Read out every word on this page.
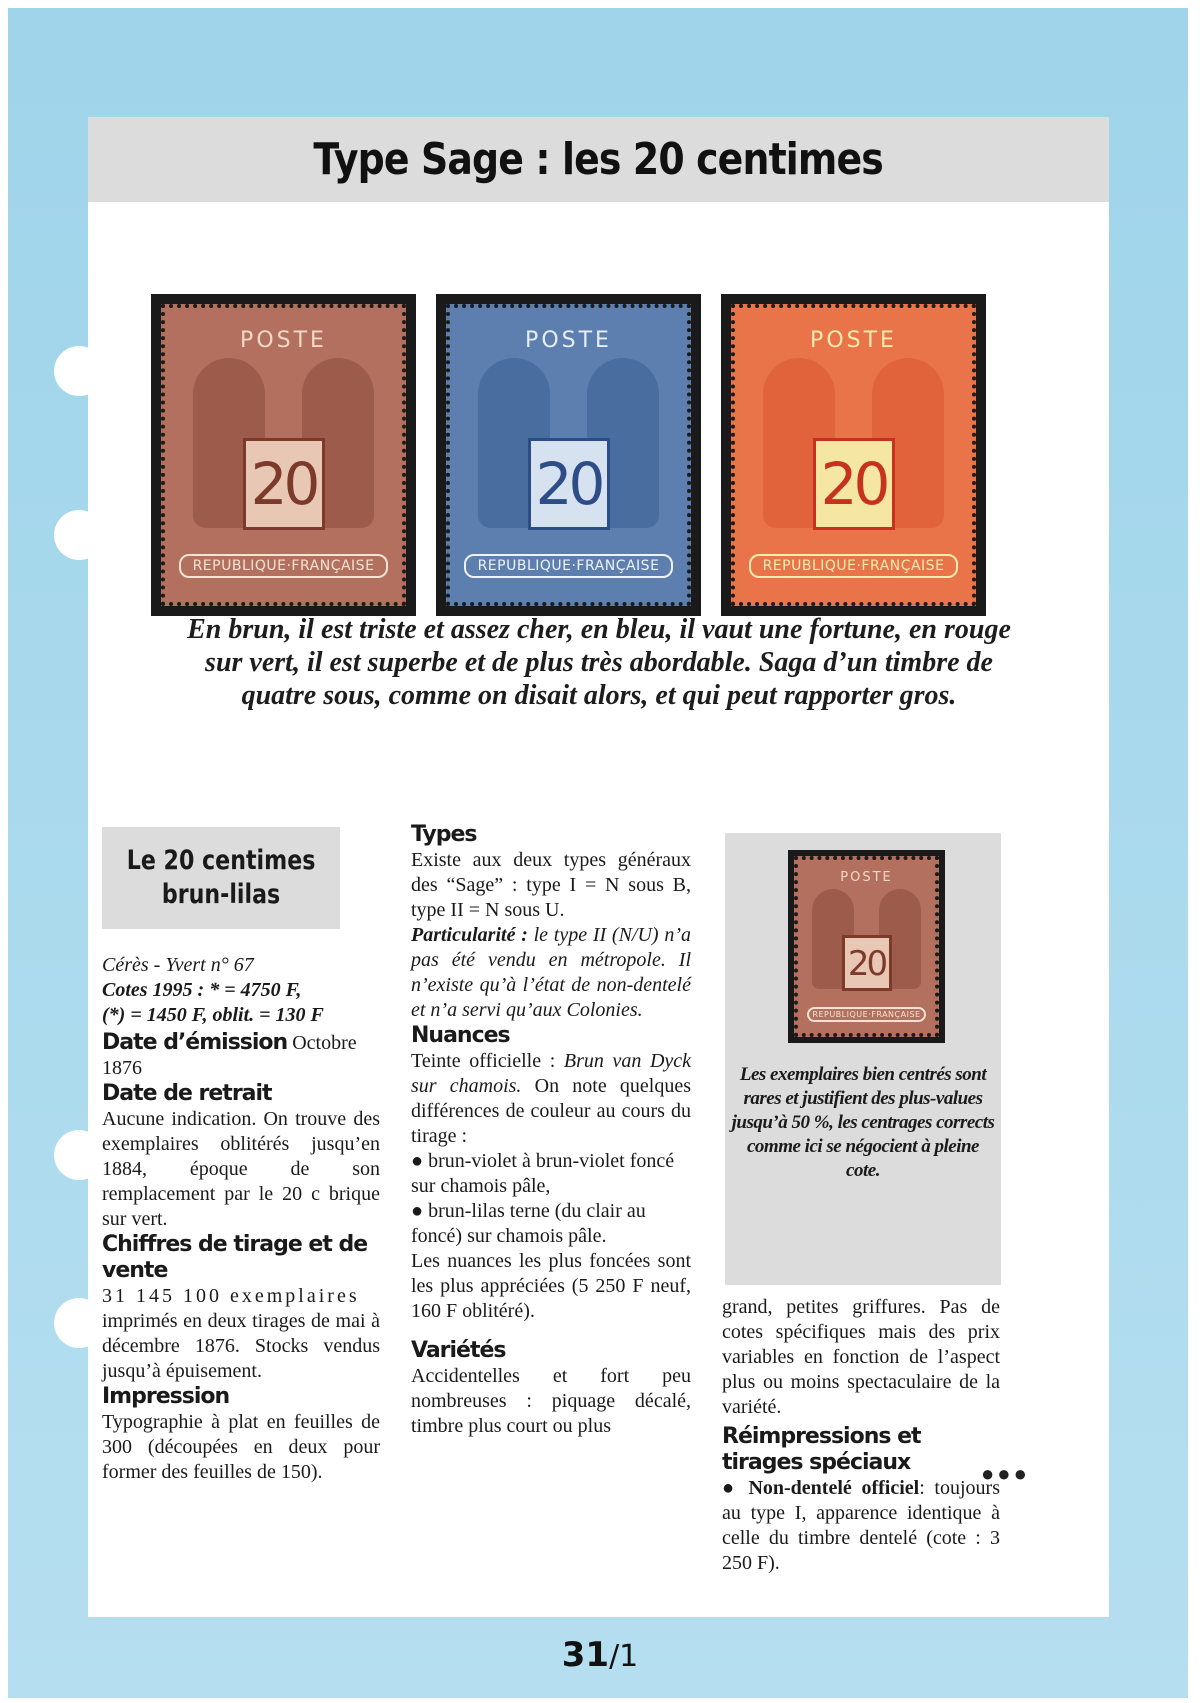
Type Sage : les 20 centimes
POSTE
20
REPUBLIQUE·FRANÇAISE
POSTE
20
REPUBLIQUE·FRANÇAISE
POSTE
20
REPUBLIQUE·FRANÇAISE

En brun, il est triste et assez cher, en bleu, il vaut une fortune, en rouge sur vert, il est superbe et de plus très abordable. Saga d’un timbre de quatre sous, comme on disait alors, et qui peut rapporter gros.

Le 20 centimes
brun-lilas
Cérès - Yvert n° 67
Cotes 1995 : * = 4750 F,
(*) = 1450 F, oblit. = 130 F
Date d’émission Octobre 1876
Date de retrait

Aucune indication. On trouve des exemplaires oblitérés jusqu’en 1884, époque de son remplacement par le 20 c brique sur vert.

Chiffres de tirage et de vente

31 145 100 exemplaires

imprimés en deux tirages de mai à décembre 1876. Stocks vendus jusqu’à épuisement.

Impression

Typographie à plat en feuilles de 300 (découpées en deux pour former des feuilles de 150).

Types

Existe aux deux types généraux des “Sage” : type I = N sous B, type II = N sous U.

Particularité : le type II (N/U) n’a pas été vendu en métropole. Il n’existe qu’à l’état de non-dentelé et n’a servi qu’aux Colonies.

Nuances

Teinte officielle : Brun van Dyck sur chamois. On note quelques différences de couleur au cours du tirage :

● brun-violet à brun-violet foncé sur chamois pâle,

● brun-lilas terne (du clair au foncé) sur chamois pâle.

Les nuances les plus foncées sont les plus appréciées (5 250 F neuf, 160 F oblitéré).

Variétés

Accidentelles et fort peu nombreuses : piquage décalé, timbre plus court ou plus

POSTE
20
REPUBLIQUE·FRANÇAISE

Les exemplaires bien centrés sont rares et justifient des plus-values jusqu’à 50 %, les centrages corrects comme ici se négocient à pleine cote.

grand, petites griffures. Pas de cotes spécifiques mais des prix variables en fonction de l’aspect plus ou moins spectaculaire de la variété.

Réimpressions et tirages spéciaux

● Non-dentelé officiel: toujours au type I, apparence identique à celle du timbre dentelé (cote : 3 250 F).

●●●
31/1
